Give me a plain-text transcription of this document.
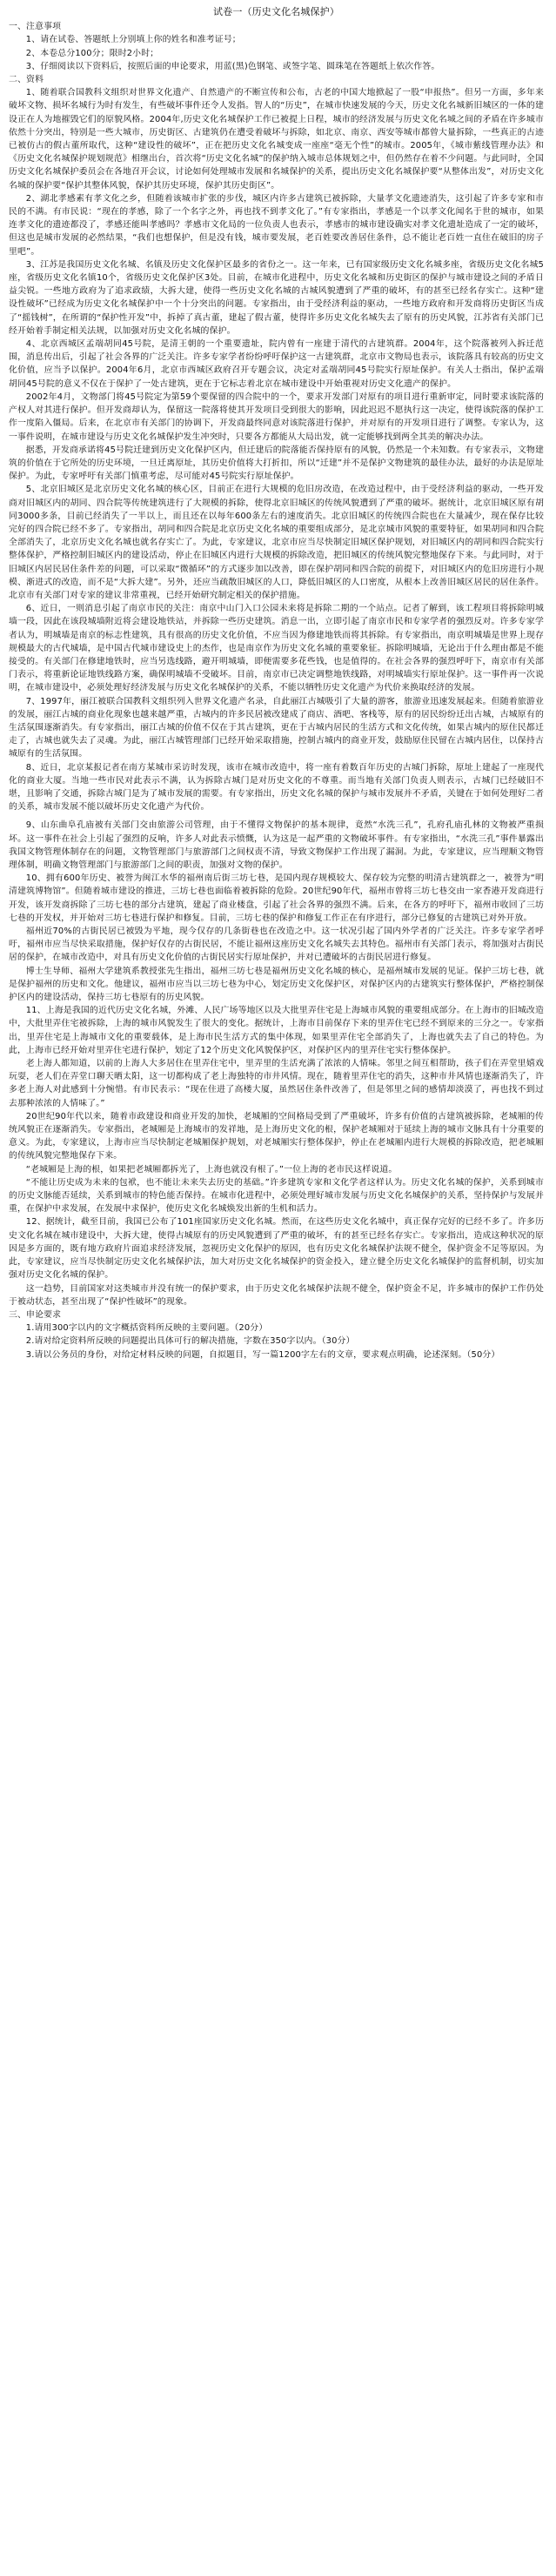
试卷一（历史文化名城保护）

一、注意事项

1、请在试卷、答题纸上分别填上你的姓名和准考证号；

2、本卷总分100分；限时2小时；

3、仔细阅读以下资料后，按照后面的申论要求，用蓝(黑)色钢笔、或签字笔、圆珠笔在答题纸上依次作答。

二、资料

1、随着联合国教科文组织对世界文化遗产、自然遗产的不断宣传和公布，古老的中国大地掀起了一股“申报热”。但另一方面，多年来破坏文物、损坏名城行为时有发生，有些破坏事件还令人发指。智人的“历史”，在城市快速发展的今天，历史文化名城新旧城区的一体的建设正在人为地摧毁它们的原貌风格。2004年,历史文化名城保护工作已被提上日程，城市的经济发展与历史文化名城之间的矛盾在许多城市依然十分突出，特别是一些大城市，历史街区、古建筑仍在遭受着破坏与拆除，如北京、南京、西安等城市都曾大量拆除，一些真正的古迹已被仿古的假古董所取代，这种“建设性的破坏”，正在把历史文化名城变成一座座“毫无个性”的城市。2005年，《城市紫线管理办法》和《历史文化名城保护规划规范》相继出台，首次将“历史文化名城”的保护纳入城市总体规划之中，但仍然存在着不少问题。与此同时，全国历史文化名城保护委员会在各地召开会议，讨论如何处理城市发展和名城保护的关系，提出历史文化名城保护要“从整体出发”，对历史文化名城的保护要“保护其整体风貌，保护其历史环境，保护其历史街区”。

2、湖北孝感素有孝文化之乡，但随着该城市扩张的步伐，城区内许多古建筑已被拆除，大量孝文化遗迹消失，这引起了许多专家和市民的不满。有市民说：“现在的孝感，除了一个名字之外，再也找不到孝文化了。”有专家指出，孝感是一个以孝文化闻名于世的城市，如果连孝文化的遗迹都没了，孝感还能叫孝感吗？孝感市文化局的一位负责人也表示，孝感市的城市建设确实对孝文化遗址造成了一定的破坏，但这也是城市发展的必然结果，“我们也想保护，但是没有钱，城市要发展，老百姓要改善居住条件，总不能让老百姓一直住在破旧的房子里吧”。

3、江苏是我国历史文化名城、名镇及历史文化保护区最多的省份之一。这一年来，已有国家级历史文化名城多座，省级历史文化名城5座，省级历史文化名镇10个，省级历史文化保护区3处。目前，在城市化进程中，历史文化名城和历史街区的保护与城市建设之间的矛盾日益尖锐。一些地方政府为了追求政绩，大拆大建，使得一些历史文化名城的古城风貌遭到了严重的破坏，有的甚至已经名存实亡。这种“建设性破坏”已经成为历史文化名城保护中一个十分突出的问题。专家指出，由于受经济利益的驱动，一些地方政府和开发商将历史街区当成了“摇钱树”，在所谓的“保护性开发”中，拆掉了真古董，建起了假古董，使得许多历史文化名城失去了原有的历史风貌，江苏省有关部门已经开始着手制定相关法规，以加强对历史文化名城的保护。

4、北京西城区孟端胡同45号院，是清王朝的一个重要遗址，院内曾有一座建于清代的古建筑群。2004年，这个院落被列入拆迁范围，消息传出后，引起了社会各界的广泛关注。许多专家学者纷纷呼吁保护这一古建筑群，北京市文物局也表示，该院落具有较高的历史文化价值，应当予以保护。2004年6月，北京市西城区政府召开专题会议，决定对孟端胡同45号院实行原址保护。有关人士指出，保护孟端胡同45号院的意义不仅在于保护了一处古建筑，更在于它标志着北京在城市建设中开始重视对历史文化遗产的保护。

2002年4月，文物部门将45号院定为第59个要保留的四合院中的一个，要求开发部门对原有的项目进行重新审定，同时要求该院落的产权人对其进行保护。但开发商却认为，保留这一院落将使其开发项目受到很大的影响，因此迟迟不愿执行这一决定，使得该院落的保护工作一度陷入僵局。后来，在北京市有关部门的协调下，开发商最终同意对该院落进行保护，并对原有的开发项目进行了调整。专家认为，这一事件说明，在城市建设与历史文化名城保护发生冲突时，只要各方都能从大局出发，就一定能够找到两全其美的解决办法。

据悉，开发商承诺将45号院迁建到历史文化保护区内，但迁建后的院落能否保持原有的风貌，仍然是一个未知数。有专家表示，文物建筑的价值在于它所处的历史环境，一旦迁离原址，其历史价值将大打折扣，所以“迁建”并不是保护文物建筑的最佳办法，最好的办法是原址保护。为此，专家呼吁有关部门慎重考虑，尽可能对45号院实行原址保护。

5、北京旧城区是北京历史文化名城的核心区，目前正在进行大规模的危旧房改造，在改造过程中，由于受经济利益的驱动，一些开发商对旧城区内的胡同、四合院等传统建筑进行了大规模的拆除，使得北京旧城区的传统风貌遭到了严重的破坏。据统计，北京旧城区原有胡同3000多条，目前已经消失了一半以上，而且还在以每年600条左右的速度消失。北京旧城区的传统四合院也在大量减少，现在保存比较完好的四合院已经不多了。专家指出，胡同和四合院是北京历史文化名城的重要组成部分，是北京城市风貌的重要特征，如果胡同和四合院全部消失了，北京历史文化名城也就名存实亡了。为此，专家建议，北京市应当尽快制定旧城区保护规划，对旧城区内的胡同和四合院实行整体保护，严格控制旧城区内的建设活动，停止在旧城区内进行大规模的拆除改造，把旧城区的传统风貌完整地保存下来。与此同时，对于旧城区内居民居住条件差的问题，可以采取“微循环”的方式逐步加以改善，即在保护胡同和四合院的前提下，对旧城区内的危旧房进行小规模、渐进式的改造，而不是“大拆大建”。另外，还应当疏散旧城区的人口，降低旧城区的人口密度，从根本上改善旧城区居民的居住条件。北京市有关部门对专家的建议非常重视，已经开始研究制定相关的保护措施。

6、近日，一则消息引起了南京市民的关注：南京中山门入口公园未来将是拆除二期的一个站点。记者了解到，该工程项目将拆除明城墙一段，因此在该段城墙附近将会建设地铁站，并拆除一些历史建筑。消息一出，立即引起了南京市民和专家学者的强烈反对。许多专家学者认为，明城墙是南京的标志性建筑，具有很高的历史文化价值，不应当因为修建地铁而将其拆除。有专家指出，南京明城墙是世界上现存规模最大的古代城墙，是中国古代城市建设史上的杰作，也是南京作为历史文化名城的重要象征。拆除明城墙，无论出于什么理由都是不能接受的。有关部门在修建地铁时，应当另选线路，避开明城墙，即便需要多花些钱，也是值得的。在社会各界的强烈呼吁下，南京市有关部门表示，将重新论证地铁线路方案，确保明城墙不受破坏。目前，南京市已决定调整地铁线路，对明城墙实行原址保护。这一事件再一次说明，在城市建设中，必须处理好经济发展与历史文化名城保护的关系，不能以牺牲历史文化遗产为代价来换取经济的发展。

7、1997年，丽江被联合国教科文组织列入世界文化遗产名录，自此丽江古城吸引了大量的游客，旅游业迅速发展起来。但随着旅游业的发展，丽江古城的商业化现象也越来越严重，古城内的许多民居被改建成了商店、酒吧、客栈等，原有的居民纷纷迁出古城，古城原有的生活氛围逐渐消失。有专家指出，丽江古城的价值不仅在于其古建筑，更在于古城内居民的生活方式和文化传统，如果古城内的原住民都迁走了，古城也就失去了灵魂。为此，丽江古城管理部门已经开始采取措施，控制古城内的商业开发，鼓励原住民留在古城内居住，以保持古城原有的生活氛围。

8、近日，北京某报记者在南方某城市采访时发现，该市在城市改造中，将一座有着数百年历史的古城门拆除，原址上建起了一座现代化的商业大厦。当地一些市民对此表示不满，认为拆除古城门是对历史文化的不尊重。而当地有关部门负责人则表示，古城门已经破旧不堪，且影响了交通，拆除古城门是为了城市发展的需要。有专家指出，历史文化名城的保护与城市发展并不矛盾，关键在于如何处理好二者的关系，城市发展不能以破坏历史文化遗产为代价。

9、山东曲阜孔庙被有关部门交由旅游公司管理，由于不懂得文物保护的基本规律，竟然“水洗三孔”，孔府孔庙孔林的文物被严重损坏。这一事件在社会上引起了强烈的反响，许多人对此表示愤慨，认为这是一起严重的文物破坏事件。有专家指出，“水洗三孔”事件暴露出我国文物管理体制存在的问题，文物管理部门与旅游部门之间权责不清，导致文物保护工作出现了漏洞。为此，专家建议，应当理顺文物管理体制，明确文物管理部门与旅游部门之间的职责，加强对文物的保护。

10、拥有600年历史、被誉为闽江水华的福州南后街三坊七巷，是国内现存规模较大、保存较为完整的明清古建筑群之一，被誉为“明清建筑博物馆”。但随着城市建设的推进，三坊七巷也面临着被拆除的危险。20世纪90年代，福州市曾将三坊七巷交由一家香港开发商进行开发，该开发商拆除了三坊七巷的部分古建筑，建起了商业楼盘，引起了社会各界的强烈不满。后来，在各方的呼吁下，福州市收回了三坊七巷的开发权，并开始对三坊七巷进行保护和修复。目前，三坊七巷的保护和修复工作正在有序进行，部分已修复的古建筑已对外开放。

福州近70%的古街民居已被毁为平地，现今仅存的几条街巷也在改造之中。这一状况引起了国内外学者的广泛关注。许多专家学者呼吁，福州市应当尽快采取措施，保护好仅存的古街民居，不能让福州这座历史文化名城失去其特色。福州市有关部门表示，将加强对古街民居的保护，在城市改造中，对具有历史文化价值的古街民居实行原址保护，并对已遭破坏的古街民居进行修复。

博士生导师、福州大学建筑系教授张先生指出，福州三坊七巷是福州历史文化名城的核心，是福州城市发展的见证。保护三坊七巷，就是保护福州的历史和文化。他建议，福州市应当以三坊七巷为中心，划定历史文化保护区，对保护区内的古建筑实行整体保护，严格控制保护区内的建设活动，保持三坊七巷原有的历史风貌。

11、上海是我国的近代历史文化名城，外滩、人民广场等地区以及大批里弄住宅是上海城市风貌的重要组成部分。在上海市的旧城改造中，大批里弄住宅被拆除，上海的城市风貌发生了很大的变化。据统计，上海市目前保存下来的里弄住宅已经不到原来的三分之一。专家指出，里弄住宅是上海城市文化的重要载体，是上海市民生活方式的集中体现，如果里弄住宅全部消失了，上海也就失去了自己的特色。为此，上海市已经开始对里弄住宅进行保护，划定了12个历史文化风貌保护区，对保护区内的里弄住宅实行整体保护。

老上海人都知道，以前的上海人大多居住在里弄住宅中，里弄里的生活充满了浓浓的人情味。邻里之间互相帮助，孩子们在弄堂里嬉戏玩耍，老人们在弄堂口聊天晒太阳，这一切都构成了老上海独特的市井风情。现在，随着里弄住宅的消失，这种市井风情也逐渐消失了，许多老上海人对此感到十分惋惜。有市民表示：“现在住进了高楼大厦，虽然居住条件改善了，但是邻里之间的感情却淡漠了，再也找不到过去那种浓浓的人情味了。”

20世纪90年代以来，随着市政建设和商业开发的加快，老城厢的空间格局受到了严重破坏，许多有价值的古建筑被拆除，老城厢的传统风貌正在逐渐消失。专家指出，老城厢是上海城市的发祥地，是上海历史文化的根，保护老城厢对于延续上海的城市文脉具有十分重要的意义。为此，专家建议，上海市应当尽快制定老城厢保护规划，对老城厢实行整体保护，停止在老城厢内进行大规模的拆除改造，把老城厢的传统风貌完整地保存下来。

“老城厢是上海的根，如果把老城厢都拆光了，上海也就没有根了。”一位上海的老市民这样说道。

“不能让历史成为未来的包袱，也不能让未来失去历史的基础。”许多建筑专家和文化学者这样认为。历史文化名城的保护，关系到城市的历史文脉能否延续，关系到城市的特色能否保持。在城市化进程中，必须处理好城市发展与历史文化名城保护的关系，坚持保护与发展并重，在保护中求发展，在发展中求保护，使历史文化名城焕发出新的生机和活力。

12、据统计，截至目前，我国已公布了101座国家历史文化名城。然而，在这些历史文化名城中，真正保存完好的已经不多了。许多历史文化名城在城市建设中，大拆大建，使得古城原有的历史风貌遭到了严重的破坏，有的甚至已经名存实亡。专家指出，造成这种状况的原因是多方面的，既有地方政府片面追求经济发展，忽视历史文化保护的原因，也有历史文化名城保护法规不健全，保护资金不足等原因。为此，专家建议，应当尽快制定历史文化名城保护法，加大对历史文化名城保护的资金投入，建立健全历史文化名城保护的监督机制，切实加强对历史文化名城的保护。

这一趋势，目前国家对这类城市并没有统一的保护要求，由于历史文化名城保护法规不健全，保护资金不足，许多城市的保护工作仍处于被动状态，甚至出现了“保护性破坏”的现象。

三、申论要求

1.请用300字以内的文字概括资料所反映的主要问题。（20分）

2.请对给定资料所反映的问题提出具体可行的解决措施，字数在350字以内。（30分）

3.请以公务员的身份，对给定材料反映的问题，自拟题目，写一篇1200字左右的文章，要求观点明确，论述深刻。（50分）
